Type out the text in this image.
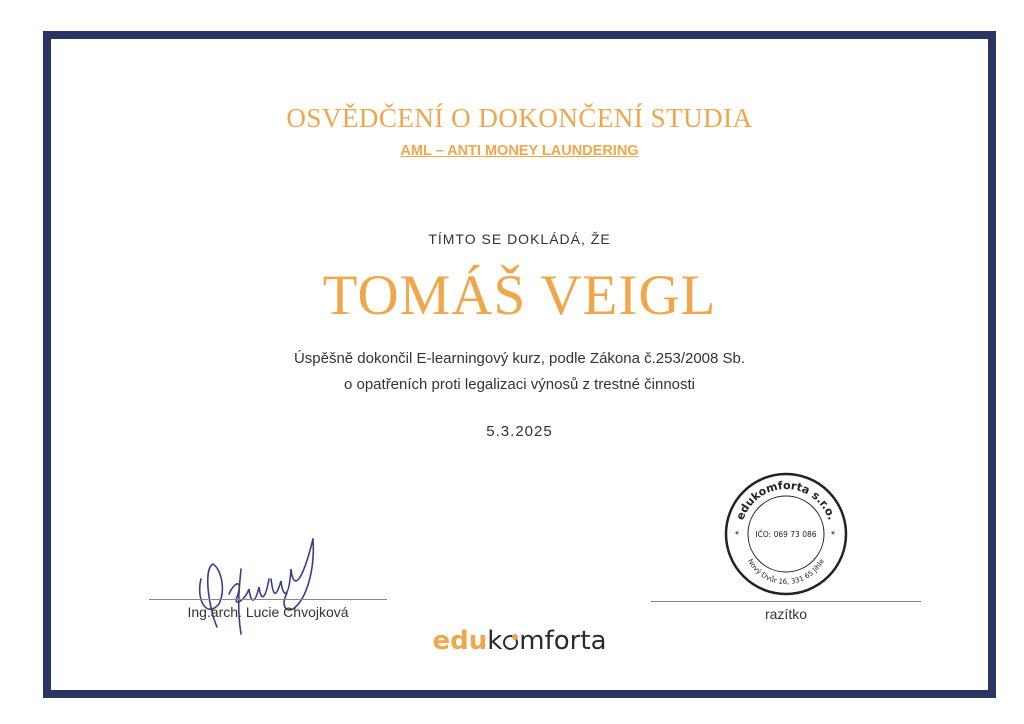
OSVĚDČENÍ O DOKONČENÍ STUDIA
AML – ANTI MONEY LAUNDERING
TÍMTO SE DOKLÁDÁ, ŽE
TOMÁŠ VEIGL
Úspěšně dokončil E-learningový kurz, podle Zákona č.253/2008 Sb.
o opatřeních proti legalizaci výnosů z trestné činnosti
5.3.2025
Ing.arch. Lucie Chvojková
edukomforta s.r.o.
Nový Dvůr 16, 331 65 Jihle
IČO: 069 73 086
*	*
razítko
eduk mforta
